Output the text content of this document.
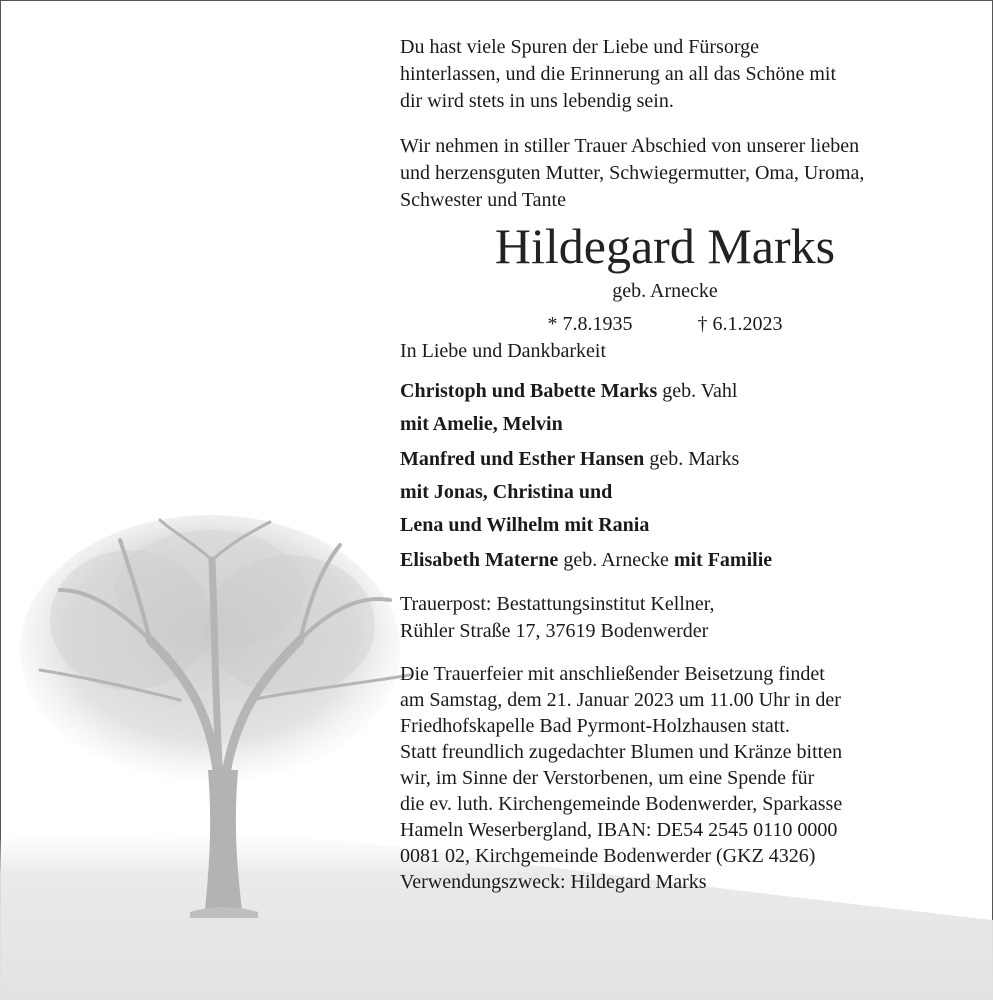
Du hast viele Spuren der Liebe und Fürsorge

hinterlassen, und die Erinnerung an all das Schöne mit

dir wird stets in uns lebendig sein.

Wir nehmen in stiller Trauer Abschied von unserer lieben

und herzensguten Mutter, Schwiegermutter, Oma, Uroma,

Schwester und Tante

Hildegard Marks
geb. Arnecke
* 7.8.1935	† 6.1.2023

In Liebe und Dankbarkeit

Christoph und Babette Marks geb. Vahl
mit Amelie, Melvin
Manfred und Esther Hansen geb. Marks
mit Jonas, Christina und
Lena und Wilhelm mit Rania
Elisabeth Materne geb. Arnecke mit Familie

Trauerpost: Bestattungsinstitut Kellner,

Rühler Straße 17, 37619 Bodenwerder

Die Trauerfeier mit anschließender Beisetzung findet

am Samstag, dem 21. Januar 2023 um 11.00 Uhr in der

Friedhofskapelle Bad Pyrmont-Holzhausen statt.

Statt freundlich zugedachter Blumen und Kränze bitten

wir, im Sinne der Verstorbenen, um eine Spende für

die ev. luth. Kirchengemeinde Bodenwerder, Sparkasse

Hameln Weserbergland, IBAN: DE54 2545 0110 0000

0081 02, Kirchgemeinde Bodenwerder (GKZ 4326)

Verwendungszweck: Hildegard Marks
